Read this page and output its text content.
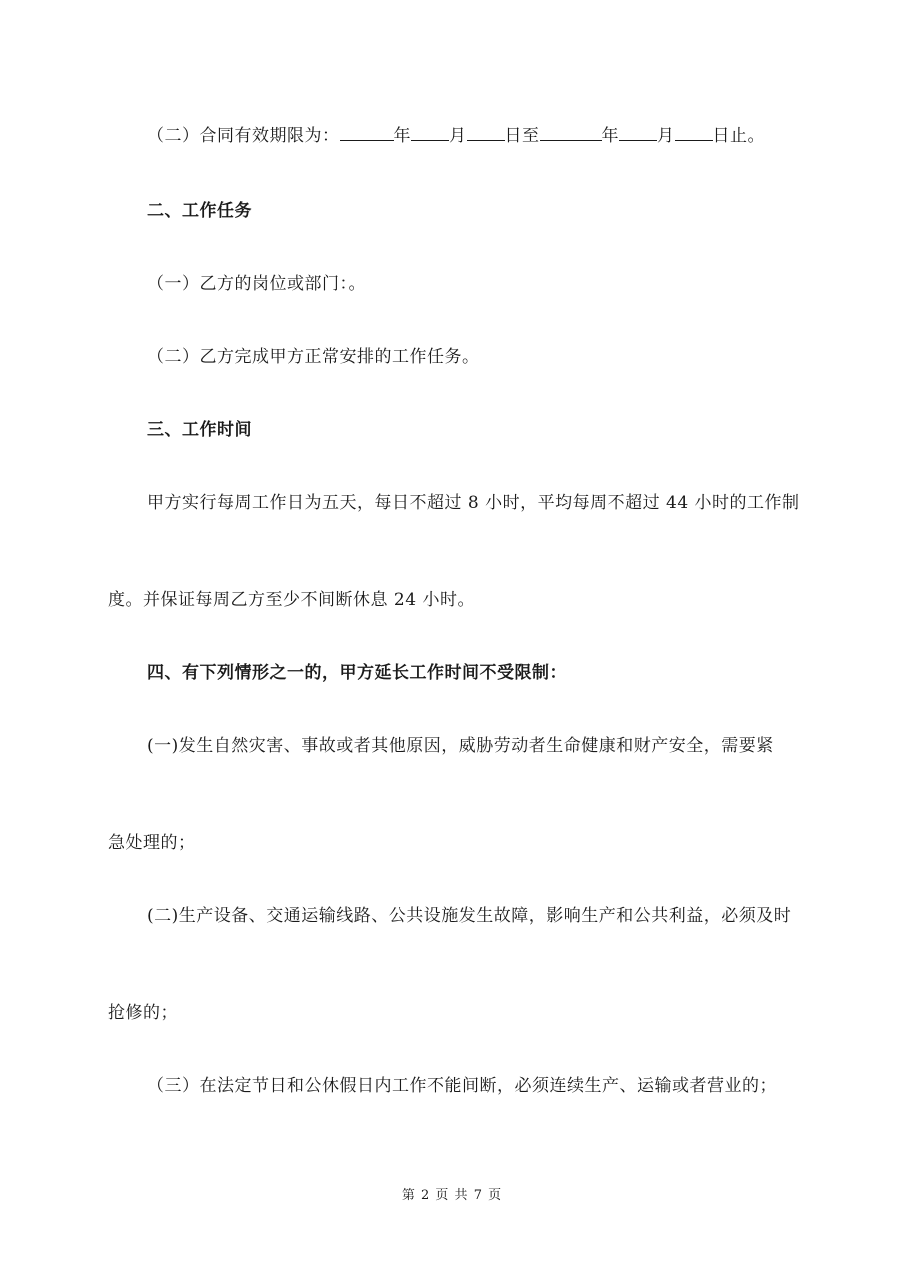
（二）合同有效期限为：	年 月 日至	年 月 日止。
二、工作任务
（一）乙方的岗位或部门：。
（二）乙方完成甲方正常安排的工作任务。
三、工作时间
甲方实行每周工作日为五天，每日不超过 8 小时，平均每周不超过 44 小时的工作制
度。并保证每周乙方至少不间断休息 24 小时。
四、有下列情形之一的，甲方延长工作时间不受限制：
(一)发生自然灾害、事故或者其他原因，威胁劳动者生命健康和财产安全，需要紧
急处理的；
(二)生产设备、交通运输线路、公共设施发生故障，影响生产和公共利益，必须及时
抢修的；
（三）在法定节日和公休假日内工作不能间断，必须连续生产、运输或者营业的；
第 2 页 共 7 页
